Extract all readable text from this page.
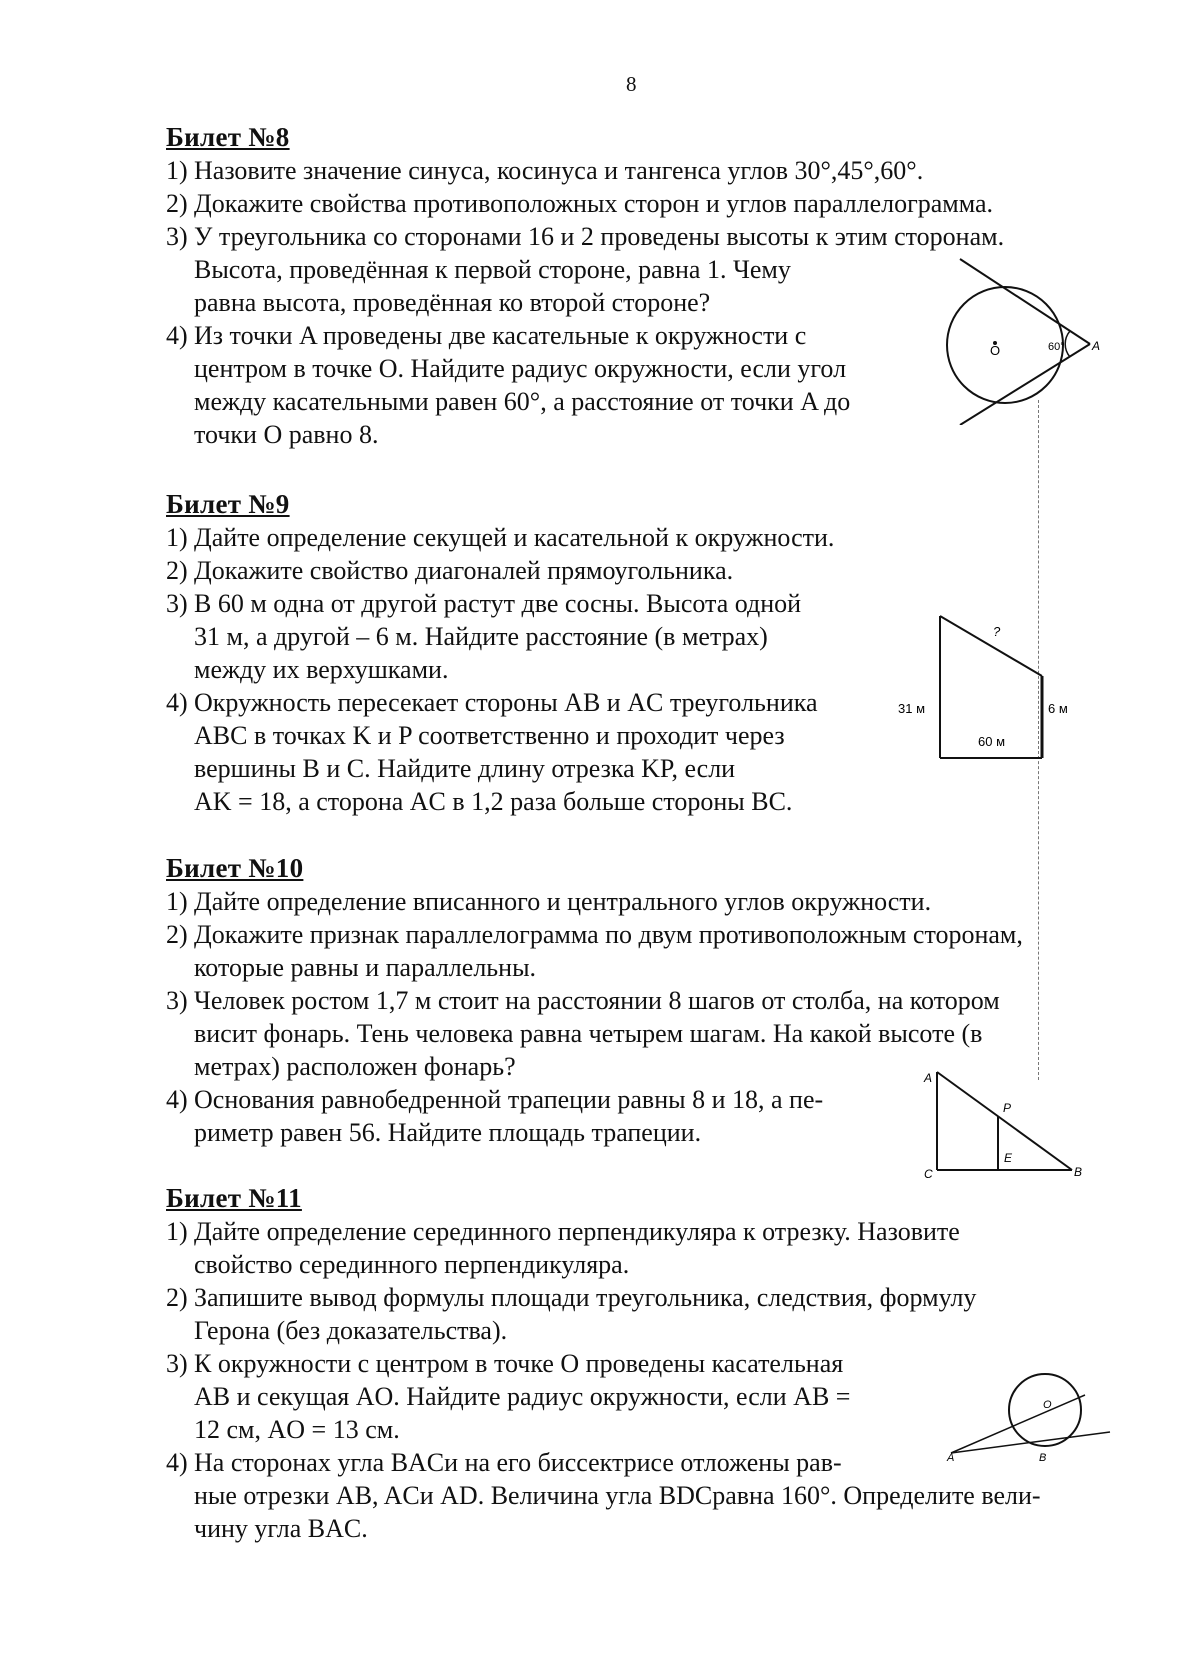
8
Билет №8
1) Назовите значение синуса, косинуса и тангенса углов 30°,45°,60°.
2) Докажите свойства противоположных сторон и углов параллелограмма.
3) У треугольника со сторонами 16 и 2 проведены высоты к этим сторонам.
Высота, проведённая к первой стороне, равна 1. Чему
равна высота, проведённая ко второй стороне?
4) Из точки A проведены две касательные к окружности с
центром в точке O. Найдите радиус окружности, если угол
между касательными равен 60°, а расстояние от точки A до
точки O равно 8.
Билет №9
1) Дайте определение секущей и касательной к окружности.
2) Докажите свойство диагоналей прямоугольника.
3) В 60 м одна от другой растут две сосны. Высота одной
31 м, а другой – 6 м. Найдите расстояние (в метрах)
между их верхушками.
4) Окружность пересекает стороны AB и AC треугольника
ABC в точках K и P соответственно и проходит через
вершины B и C. Найдите длину отрезка KP, если
AK = 18, а сторона AC в 1,2 раза больше стороны BC.
Билет №10
1) Дайте определение вписанного и центрального углов окружности.
2) Докажите признак параллелограмма по двум противоположным сторонам,
которые равны и параллельны.
3) Человек ростом 1,7 м стоит на расстоянии 8 шагов от столба, на котором
висит фонарь. Тень человека равна четырем шагам. На какой высоте (в
метрах) расположен фонарь?
4) Основания равнобедренной трапеции равны 8 и 18, а пе-
риметр равен 56. Найдите площадь трапеции.
Билет №11
1) Дайте определение серединного перпендикуляра к отрезку. Назовите
свойство серединного перпендикуляра.
2) Запишите вывод формулы площади треугольника, следствия, формулу
Герона (без доказательства).
3) К окружности с центром в точке O проведены касательная
AB и секущая AO. Найдите радиус окружности, если AB =
12 см, AO = 13 см.
4) На сторонах угла BACи на его биссектрисе отложены рав-
ные отрезки AB, ACи AD. Величина угла BDCравна 160°. Определите вели-
чину угла BAC.
O	60° A
?
31 м	6 м
60 м
A
P
E
C	B
O
A	B
